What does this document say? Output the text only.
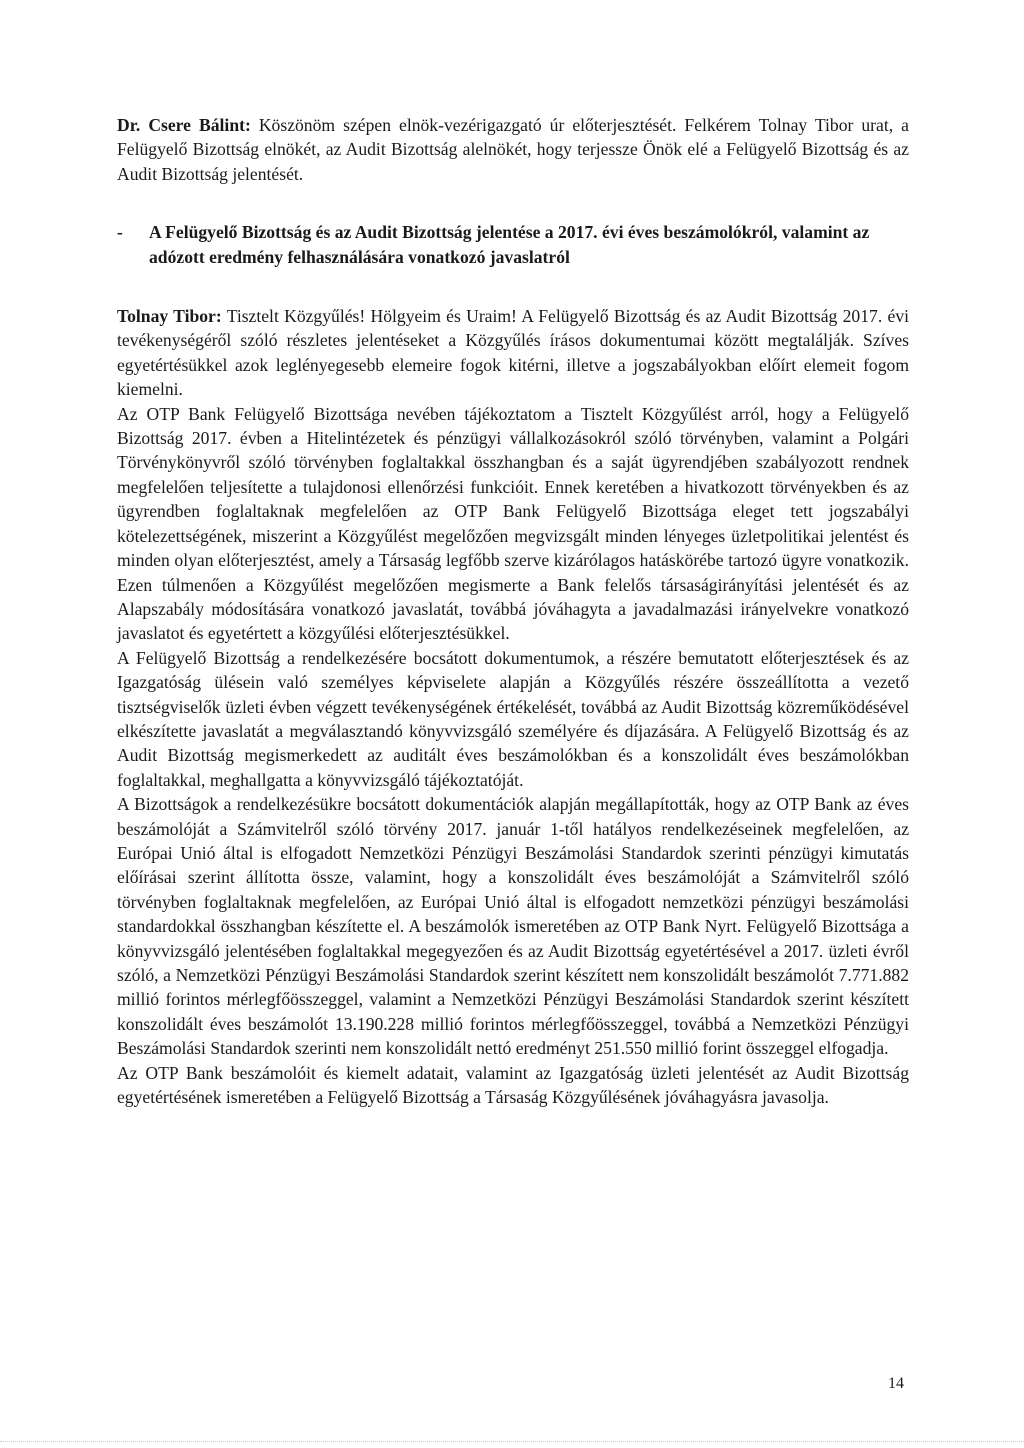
Dr. Csere Bálint: Köszönöm szépen elnök-vezérigazgató úr előterjesztését. Felkérem Tolnay Tibor urat, a Felügyelő Bizottság elnökét, az Audit Bizottság alelnökét, hogy terjessze Önök elé a Felügyelő Bizottság és az Audit Bizottság jelentését.

- A Felügyelő Bizottság és az Audit Bizottság jelentése a 2017. évi éves beszámolókról, valamint az adózott eredmény felhasználására vonatkozó javaslatról

Tolnay Tibor: Tisztelt Közgyűlés! Hölgyeim és Uraim! A Felügyelő Bizottság és az Audit Bizottság 2017. évi tevékenységéről szóló részletes jelentéseket a Közgyűlés írásos dokumentumai között megtalálják. Szíves egyetértésükkel azok leglényegesebb elemeire fogok kitérni, illetve a jogszabályokban előírt elemeit fogom kiemelni.

Az OTP Bank Felügyelő Bizottsága nevében tájékoztatom a Tisztelt Közgyűlést arról, hogy a Felügyelő Bizottság 2017. évben a Hitelintézetek és pénzügyi vállalkozásokról szóló törvényben, valamint a Polgári Törvénykönyvről szóló törvényben foglaltakkal összhangban és a saját ügyrendjében szabályozott rendnek megfelelően teljesítette a tulajdonosi ellenőrzési funkcióit. Ennek keretében a hivatkozott törvényekben és az ügyrendben foglaltaknak megfelelően az OTP Bank Felügyelő Bizottsága eleget tett jogszabályi kötelezettségének, miszerint a Közgyűlést megelőzően megvizsgált minden lényeges üzletpolitikai jelentést és minden olyan előterjesztést, amely a Társaság legfőbb szerve kizárólagos hatáskörébe tartozó ügyre vonatkozik. Ezen túlmenően a Közgyűlést megelőzően megismerte a Bank felelős társaságirányítási jelentését és az Alapszabály módosítására vonatkozó javaslatát, továbbá jóváhagyta a javadalmazási irányelvekre vonatkozó javaslatot és egyetértett a közgyűlési előterjesztésükkel.

A Felügyelő Bizottság a rendelkezésére bocsátott dokumentumok, a részére bemutatott előterjesztések és az Igazgatóság ülésein való személyes képviselete alapján a Közgyűlés részére összeállította a vezető tisztségviselők üzleti évben végzett tevékenységének értékelését, továbbá az Audit Bizottság közreműködésével elkészítette javaslatát a megválasztandó könyvvizsgáló személyére és díjazására. A Felügyelő Bizottság és az Audit Bizottság megismerkedett az auditált éves beszámolókban és a konszolidált éves beszámolókban foglaltakkal, meghallgatta a könyvvizsgáló tájékoztatóját.

A Bizottságok a rendelkezésükre bocsátott dokumentációk alapján megállapították, hogy az OTP Bank az éves beszámolóját a Számvitelről szóló törvény 2017. január 1-től hatályos rendelkezéseinek megfelelően, az Európai Unió által is elfogadott Nemzetközi Pénzügyi Beszámolási Standardok szerinti pénzügyi kimutatás előírásai szerint állította össze, valamint, hogy a konszolidált éves beszámolóját a Számvitelről szóló törvényben foglaltaknak megfelelően, az Európai Unió által is elfogadott nemzetközi pénzügyi beszámolási standardokkal összhangban készítette el. A beszámolók ismeretében az OTP Bank Nyrt. Felügyelő Bizottsága a könyvvizsgáló jelentésében foglaltakkal megegyezően és az Audit Bizottság egyetértésével a 2017. üzleti évről szóló, a Nemzetközi Pénzügyi Beszámolási Standardok szerint készített nem konszolidált beszámolót 7.771.882 millió forintos mérlegfőösszeggel, valamint a Nemzetközi Pénzügyi Beszámolási Standardok szerint készített konszolidált éves beszámolót 13.190.228 millió forintos mérlegfőösszeggel, továbbá a Nemzetközi Pénzügyi Beszámolási Standardok szerinti nem konszolidált nettó eredményt 251.550 millió forint összeggel elfogadja.

Az OTP Bank beszámolóit és kiemelt adatait, valamint az Igazgatóság üzleti jelentését az Audit Bizottság egyetértésének ismeretében a Felügyelő Bizottság a Társaság Közgyűlésének jóváhagyásra javasolja.

14
